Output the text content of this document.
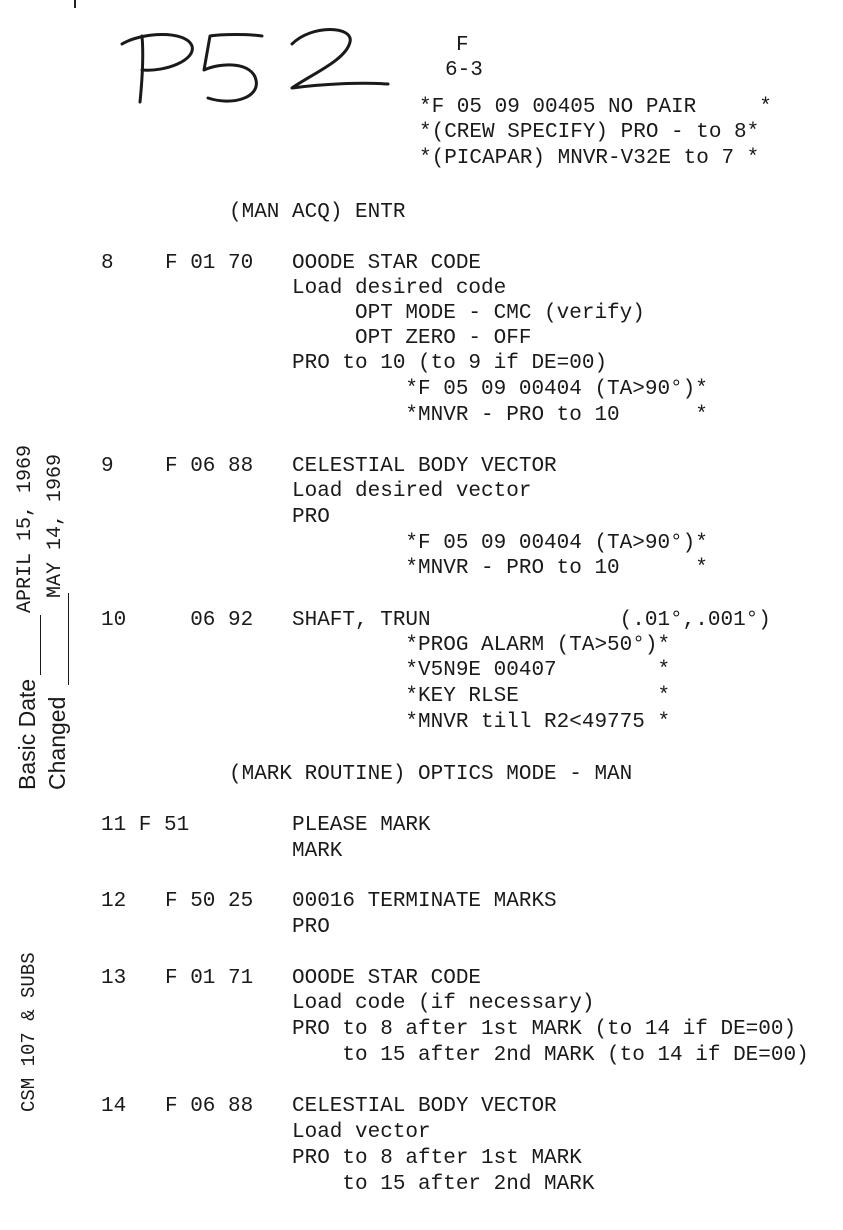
F
6-3
*F 05 09 00405 NO PAIR     *
*(CREW SPECIFY) PRO - to 8*
*(PICAPAR) MNVR-V32E to 7 *
(MAN ACQ) ENTR
8 F 01 70 OOODE STAR CODE
Load desired code
OPT MODE - CMC (verify)
OPT ZERO - OFF
PRO to 10 (to 9 if DE=00)
*F 05 09 00404 (TA>90°)*
*MNVR - PRO to 10      *
9 F 06 88 CELESTIAL BODY VECTOR
Load desired vector
PRO
*F 05 09 00404 (TA>90°)*
*MNVR - PRO to 10      *
10 06 92 SHAFT, TRUN               (.01°,.001°)
*PROG ALARM (TA>50°)*
*V5N9E 00407        *
*KEY RLSE           *
*MNVR till R2<49775 *
(MARK ROUTINE) OPTICS MODE - MAN
11 F 51	PLEASE MARK
MARK
12 F 50 25 00016 TERMINATE MARKS
PRO
13 F 01 71 OOODE STAR CODE
Load code (if necessary)
PRO to 8 after 1st MARK (to 14 if DE=00)
to 15 after 2nd MARK (to 14 if DE=00)
14 F 06 88 CELESTIAL BODY VECTOR
Load vector
PRO to 8 after 1st MARK
to 15 after 2nd MARK
Basic Date Changed
APRIL 15, 1969 MAY 14, 1969
CSM 107 & SUBS
